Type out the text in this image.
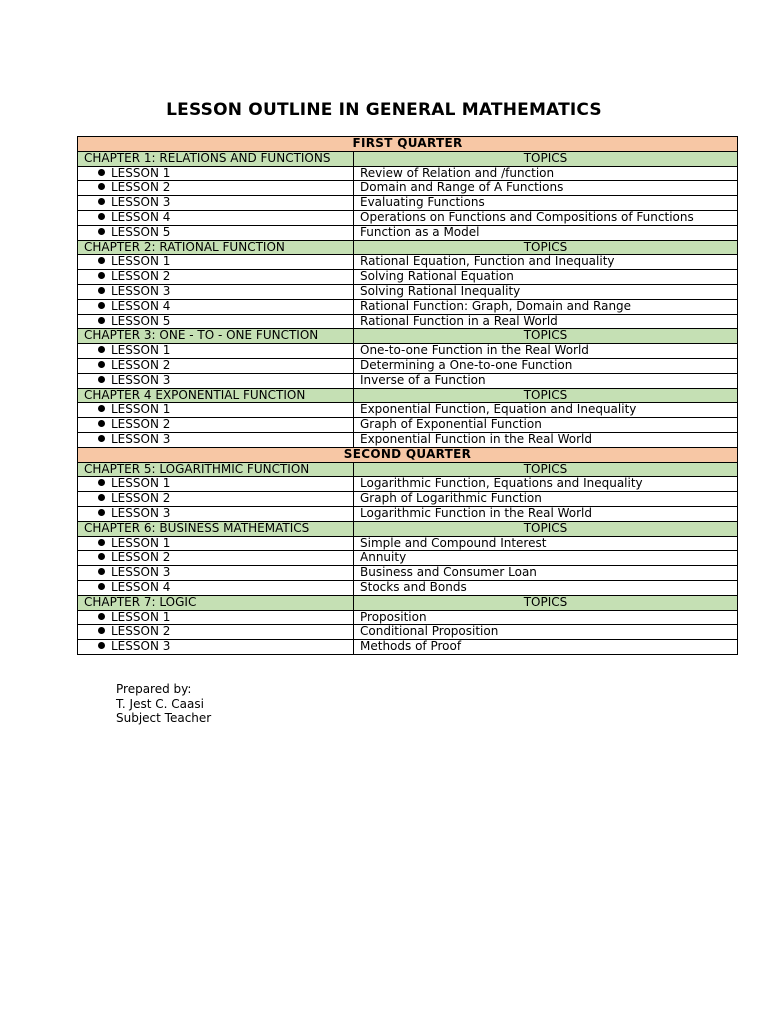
LESSON OUTLINE IN GENERAL MATHEMATICS
FIRST QUARTER	
CHAPTER 1: RELATIONS AND FUNCTIONS	TOPICS
LESSON 1	Review of Relation and /function
LESSON 2	Domain and Range of A Functions
LESSON 3	Evaluating Functions
LESSON 4	Operations on Functions and Compositions of Functions
LESSON 5	Function as a Model
CHAPTER 2: RATIONAL FUNCTION	TOPICS
LESSON 1	Rational Equation, Function and Inequality
LESSON 2	Solving Rational Equation
LESSON 3	Solving Rational Inequality
LESSON 4	Rational Function: Graph, Domain and Range
LESSON 5	Rational Function in a Real World
CHAPTER 3: ONE - TO - ONE FUNCTION	TOPICS
LESSON 1	One-to-one Function in the Real World
LESSON 2	Determining a One-to-one Function
LESSON 3	Inverse of a Function
CHAPTER 4 EXPONENTIAL FUNCTION	TOPICS
LESSON 1	Exponential Function, Equation and Inequality
LESSON 2	Graph of Exponential Function
LESSON 3	Exponential Function in the Real World
SECOND QUARTER	
CHAPTER 5: LOGARITHMIC FUNCTION	TOPICS
LESSON 1	Logarithmic Function, Equations and Inequality
LESSON 2	Graph of Logarithmic Function
LESSON 3	Logarithmic Function in the Real World
CHAPTER 6: BUSINESS MATHEMATICS	TOPICS
LESSON 1	Simple and Compound Interest
LESSON 2	Annuity
LESSON 3	Business and Consumer Loan
LESSON 4	Stocks and Bonds
CHAPTER 7: LOGIC	TOPICS
LESSON 1	Proposition
LESSON 2	Conditional Proposition
LESSON 3	Methods of Proof
Prepared by:
T. Jest C. Caasi
Subject Teacher
